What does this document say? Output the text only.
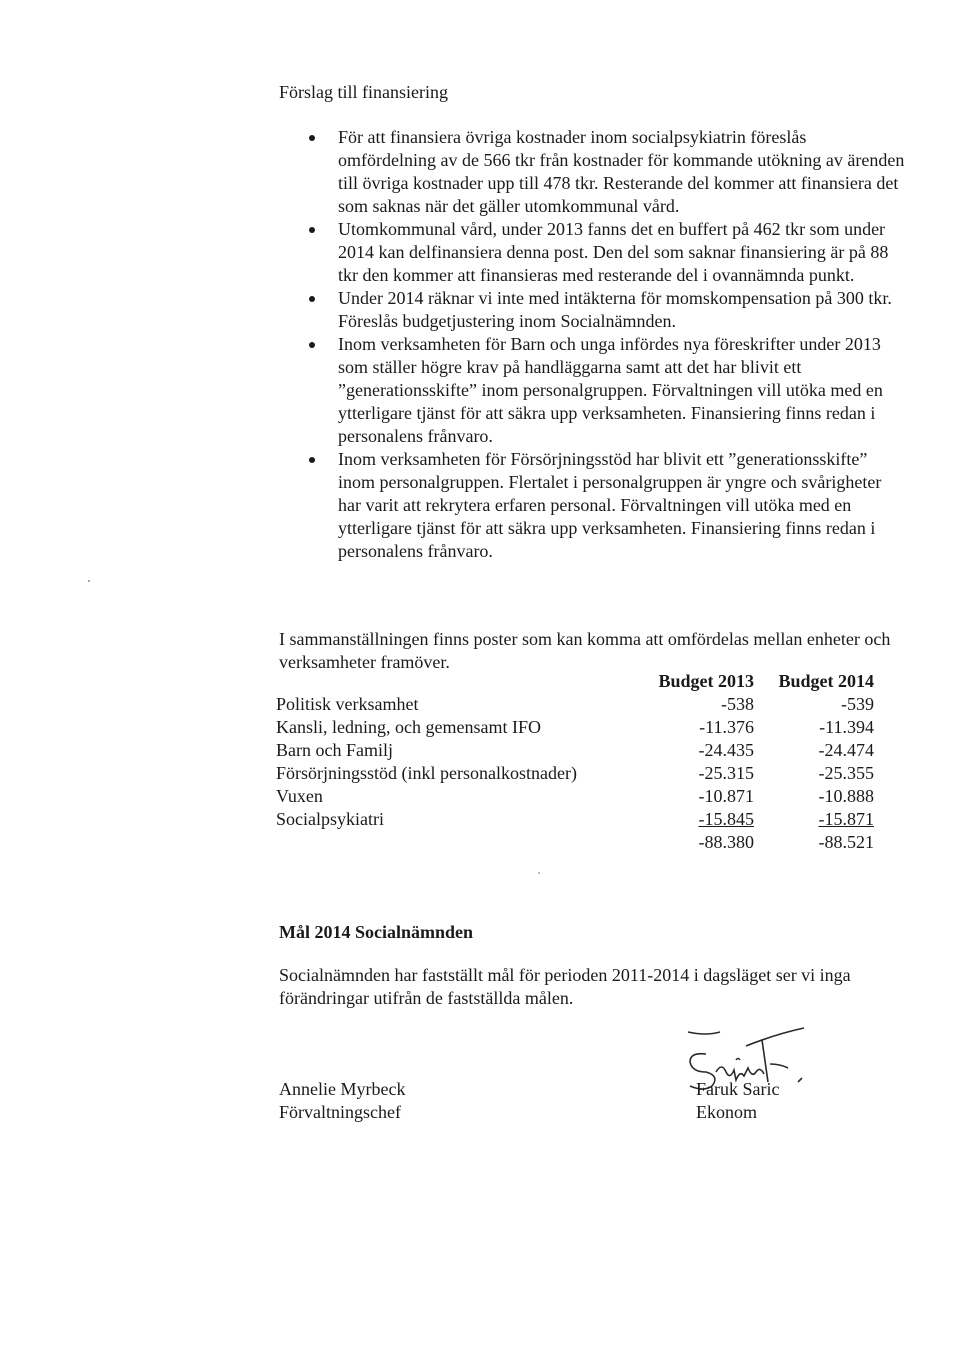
Förslag till finansiering
För att finansiera övriga kostnader inom socialpsykiatrin föreslås omfördelning av de 566 tkr från kostnader för kommande utökning av ärenden till övriga kostnader upp till 478 tkr. Resterande del kommer att finansiera det som saknas när det gäller utomkommunal vård.
Utomkommunal vård, under 2013 fanns det en buffert på 462 tkr som under 2014 kan delfinansiera denna post. Den del som saknar finansiering är på 88 tkr den kommer att finansieras med resterande del i ovannämnda punkt.
Under 2014 räknar vi inte med intäkterna för momskompensation på 300 tkr. Föreslås budgetjustering inom Socialnämnden.
Inom verksamheten för Barn och unga infördes nya föreskrifter under 2013 som ställer högre krav på handläggarna samt att det har blivit ett ”generationsskifte” inom personalgruppen. Förvaltningen vill utöka med en ytterligare tjänst för att säkra upp verksamheten. Finansiering finns redan i personalens frånvaro.
Inom verksamheten för Försörjningsstöd har blivit ett ”generationsskifte” inom personalgruppen. Flertalet i personalgruppen är yngre och svårigheter har varit att rekrytera erfaren personal. Förvaltningen vill utöka med en ytterligare tjänst för att säkra upp verksamheten. Finansiering finns redan i personalens frånvaro.

I sammanställningen finns poster som kan komma att omfördelas mellan enheter och verksamheter framöver.

	Budget 2013	Budget 2014
Politisk verksamhet	-538	-539
Kansli, ledning, och gemensamt IFO	-11.376	-11.394
Barn och Familj	-24.435	-24.474
Försörjningsstöd (inkl personalkostnader)	-25.315	-25.355
Vuxen	-10.871	-10.888
Socialpsykiatri	-15.845	-15.871
	-88.380	-88.521
Mål 2014 Socialnämnden

Socialnämnden har fastställt mål för perioden 2011-2014 i dagsläget ser vi inga förändringar utifrån de fastställda målen.

Annelie Myrbeck
Förvaltningschef
Faruk Saric
Ekonom
